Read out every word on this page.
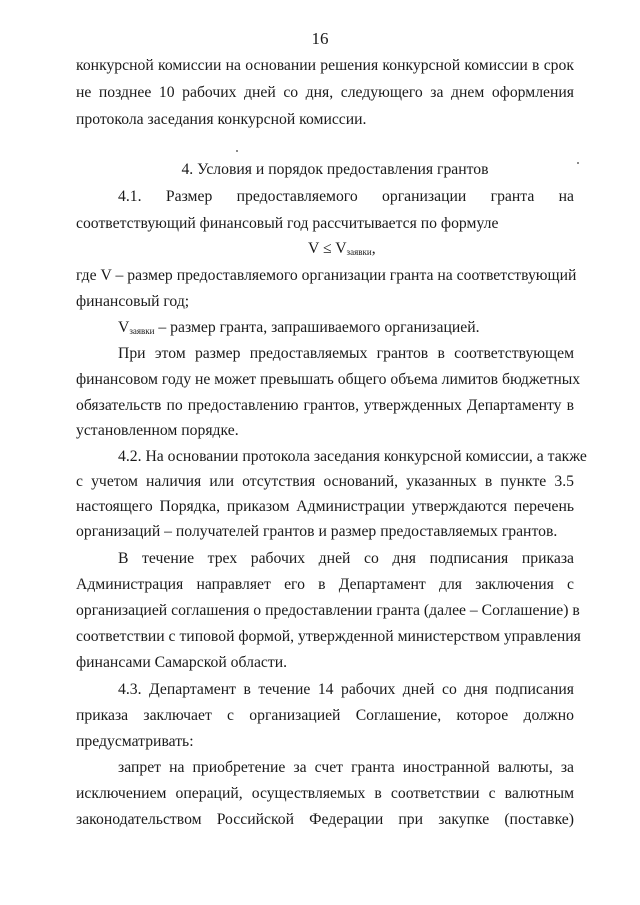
16
конкурсной комиссии на основании решения конкурсной комиссии в срок
не позднее 10 рабочих дней со дня, следующего за днем оформления
протокола заседания конкурсной комиссии.
4. Условия и порядок предоставления грантов
4.1. Размер предоставляемого организации гранта на
соответствующий финансовый год рассчитывается по формуле
$V \le V_{заявки}$,
где V – размер предоставляемого организации гранта на соответствующий
финансовый год;
$V_{заявки}$ – размер гранта, запрашиваемого организацией.
При этом размер предоставляемых грантов в соответствующем
финансовом году не может превышать общего объема лимитов бюджетных
обязательств по предоставлению грантов, утвержденных Департаменту в
установленном порядке.
4.2. На основании протокола заседания конкурсной комиссии, а также
с учетом наличия или отсутствия оснований, указанных в пункте 3.5
настоящего Порядка, приказом Администрации утверждаются перечень
организаций – получателей грантов и размер предоставляемых грантов.
В течение трех рабочих дней со дня подписания приказа
Администрация направляет его в Департамент для заключения с
организацией соглашения о предоставлении гранта (далее – Соглашение) в
соответствии с типовой формой, утвержденной министерством управления
финансами Самарской области.
4.3. Департамент в течение 14 рабочих дней со дня подписания
приказа заключает с организацией Соглашение, которое должно
предусматривать:
запрет на приобретение за счет гранта иностранной валюты, за
исключением операций, осуществляемых в соответствии с валютным
законодательством Российской Федерации при закупке (поставке)
